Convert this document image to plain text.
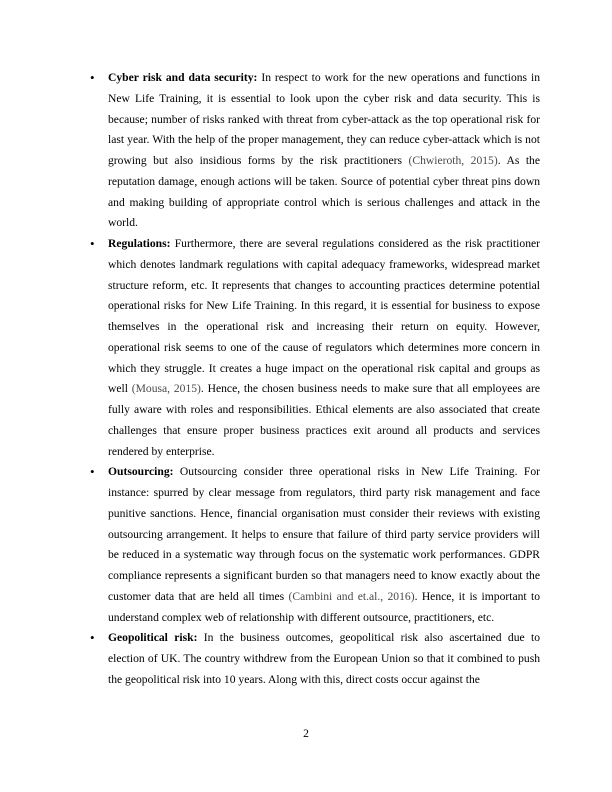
• Cyber risk and data security: In respect to work for the new operations and functions in New Life Training, it is essential to look upon the cyber risk and data security. This is because; number of risks ranked with threat from cyber-attack as the top operational risk for last year. With the help of the proper management, they can reduce cyber-attack which is not growing but also insidious forms by the risk practitioners (Chwieroth, 2015). As the reputation damage, enough actions will be taken. Source of potential cyber threat pins down and making building of appropriate control which is serious challenges and attack in the world.
• Regulations: Furthermore, there are several regulations considered as the risk practitioner which denotes landmark regulations with capital adequacy frameworks, widespread market structure reform, etc. It represents that changes to accounting practices determine potential operational risks for New Life Training. In this regard, it is essential for business to expose themselves in the operational risk and increasing their return on equity. However, operational risk seems to one of the cause of regulators which determines more concern in which they struggle. It creates a huge impact on the operational risk capital and groups as well (Mousa, 2015). Hence, the chosen business needs to make sure that all employees are fully aware with roles and responsibilities. Ethical elements are also associated that create challenges that ensure proper business practices exit around all products and services rendered by enterprise.
• Outsourcing: Outsourcing consider three operational risks in New Life Training. For instance: spurred by clear message from regulators, third party risk management and face punitive sanctions. Hence, financial organisation must consider their reviews with existing outsourcing arrangement. It helps to ensure that failure of third party service providers will be reduced in a systematic way through focus on the systematic work performances. GDPR compliance represents a significant burden so that managers need to know exactly about the customer data that are held all times (Cambini and et.al., 2016). Hence, it is important to understand complex web of relationship with different outsource, practitioners, etc.
• Geopolitical risk: In the business outcomes, geopolitical risk also ascertained due to election of UK. The country withdrew from the European Union so that it combined to push the geopolitical risk into 10 years. Along with this, direct costs occur against the
2
